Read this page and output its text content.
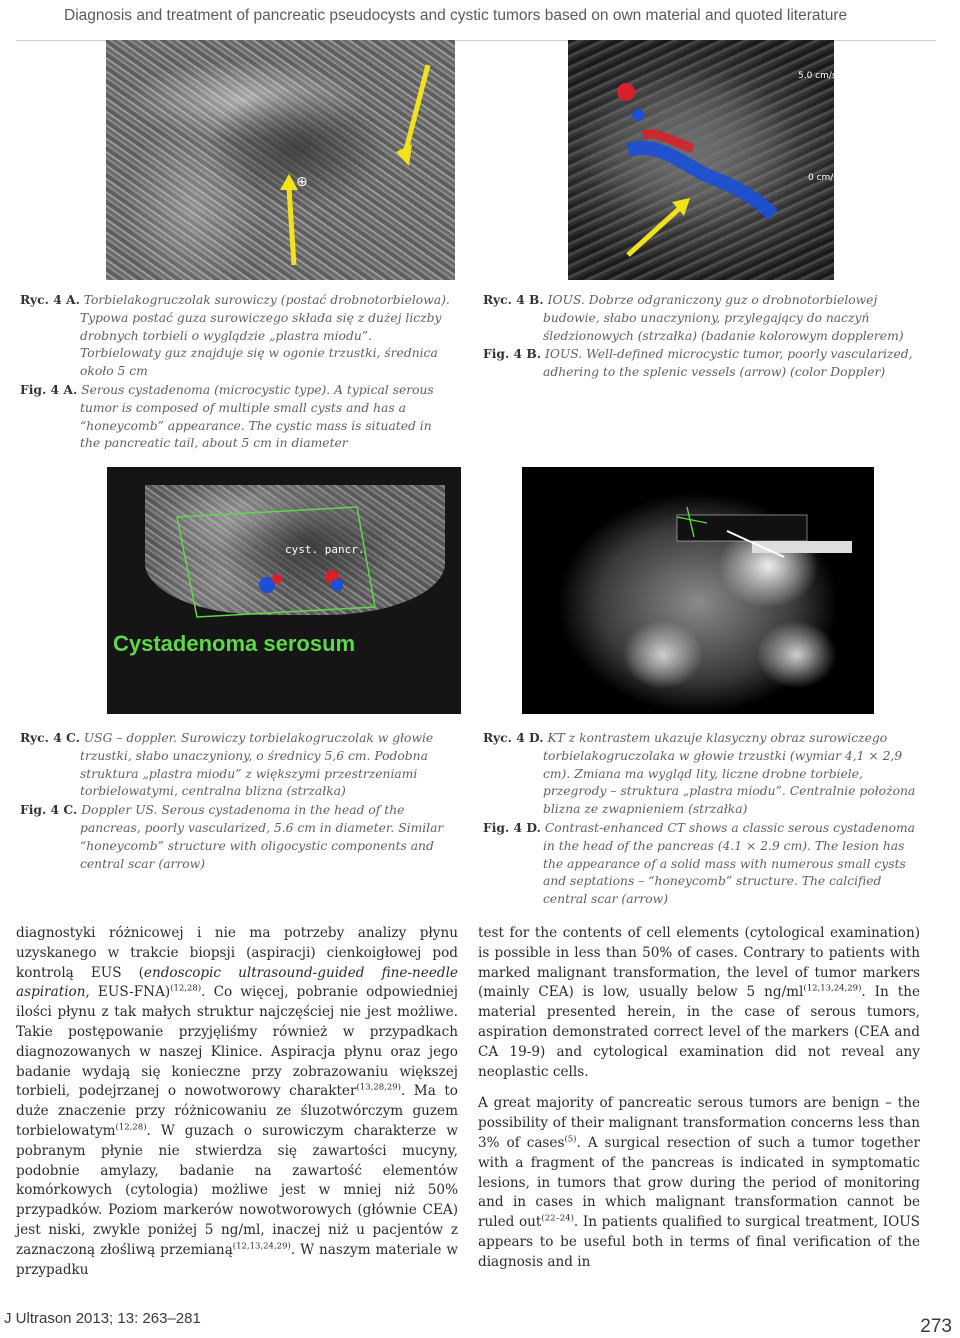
Diagnosis and treatment of pancreatic pseudocysts and cystic tumors based on own material and quoted literature
⊕
5.0 cm/s
0 cm/s

Ryc. 4 A. Torbielakogruczolak surowiczy (postać drobnotorbielowa). Typowa postać guza surowiczego składa się z dużej liczby drobnych torbieli o wyglądzie „plastra miodu”. Torbielowaty guz znajduje się w ogonie trzustki, średnica około 5 cm

Fig. 4 A. Serous cystadenoma (microcystic type). A typical serous tumor is composed of multiple small cysts and has a “honeycomb” appearance. The cystic mass is situated in the pancreatic tail, about 5 cm in diameter

Ryc. 4 B. IOUS. Dobrze odgraniczony guz o drobnotorbielowej budowie, słabo unaczyniony, przylegający do naczyń śledzionowych (strzałka) (badanie kolorowym dopplerem)

Fig. 4 B. IOUS. Well-defined microcystic tumor, poorly vascularized, adhering to the splenic vessels (arrow) (color Doppler)

cyst. pancr.
Cystadenoma serosum

Ryc. 4 C. USG – doppler. Surowiczy torbielakogruczolak w głowie trzustki, słabo unaczyniony, o średnicy 5,6 cm. Podobna struktura „plastra miodu” z większymi przestrzeniami torbielowatymi, centralna blizna (strzałka)

Fig. 4 C. Doppler US. Serous cystadenoma in the head of the pancreas, poorly vascularized, 5.6 cm in diameter. Similar “honeycomb” structure with oligocystic components and central scar (arrow)

Ryc. 4 D. KT z kontrastem ukazuje klasyczny obraz surowiczego torbielakogruczolaka w głowie trzustki (wymiar 4,1 × 2,9 cm). Zmiana ma wygląd lity, liczne drobne torbiele, przegrody – struktura „plastra miodu”. Centralnie położona blizna ze zwapnieniem (strzałka)

Fig. 4 D. Contrast-enhanced CT shows a classic serous cystadenoma in the head of the pancreas (4.1 × 2.9 cm). The lesion has the appearance of a solid mass with numerous small cysts and septations – “honeycomb” structure. The calcified central scar (arrow)

diagnostyki różnicowej i nie ma potrzeby analizy płynu uzyskanego w trakcie biopsji (aspiracji) cienkoigłowej pod kontrolą EUS (endoscopic ultrasound-guided fine-needle aspiration, EUS-FNA)$^{(12,28)}$. Co więcej, pobranie odpowiedniej ilości płynu z tak małych struktur najczęściej nie jest możliwe. Takie postępowanie przyjęliśmy również w przypadkach diagnozowanych w naszej Klinice. Aspiracja płynu oraz jego badanie wydają się konieczne przy zobrazowaniu większej torbieli, podejrzanej o nowotworowy charakter$^{(13,28,29)}$. Ma to duże znaczenie przy różnicowaniu ze śluzotwórczym guzem torbielowatym$^{(12,28)}$. W guzach o surowiczym charakterze w pobranym płynie nie stwierdza się zawartości mucyny, podobnie amylazy, badanie na zawartość elementów komórkowych (cytologia) możliwe jest w mniej niż 50% przypadków. Poziom markerów nowotworowych (głównie CEA) jest niski, zwykle poniżej 5 ng/ml, inaczej niż u pacjentów z zaznaczoną złośliwą przemianą$^{(12,13,24,29)}$. W naszym materiale w przypadku

test for the contents of cell elements (cytological examination) is possible in less than 50% of cases. Contrary to patients with marked malignant transformation, the level of tumor markers (mainly CEA) is low, usually below 5 ng/ml$^{(12,13,24,29)}$. In the material presented herein, in the case of serous tumors, aspiration demonstrated correct level of the markers (CEA and CA 19-9) and cytological examination did not reveal any neoplastic cells.

A great majority of pancreatic serous tumors are benign – the possibility of their malignant transformation concerns less than 3% of cases$^{(5)}$. A surgical resection of such a tumor together with a fragment of the pancreas is indicated in symptomatic lesions, in tumors that grow during the period of monitoring and in cases in which malignant transformation cannot be ruled out$^{(22-24)}$. In patients qualified to surgical treatment, IOUS appears to be useful both in terms of final verification of the diagnosis and in

J Ultrason 2013; 13: 263–281	273
